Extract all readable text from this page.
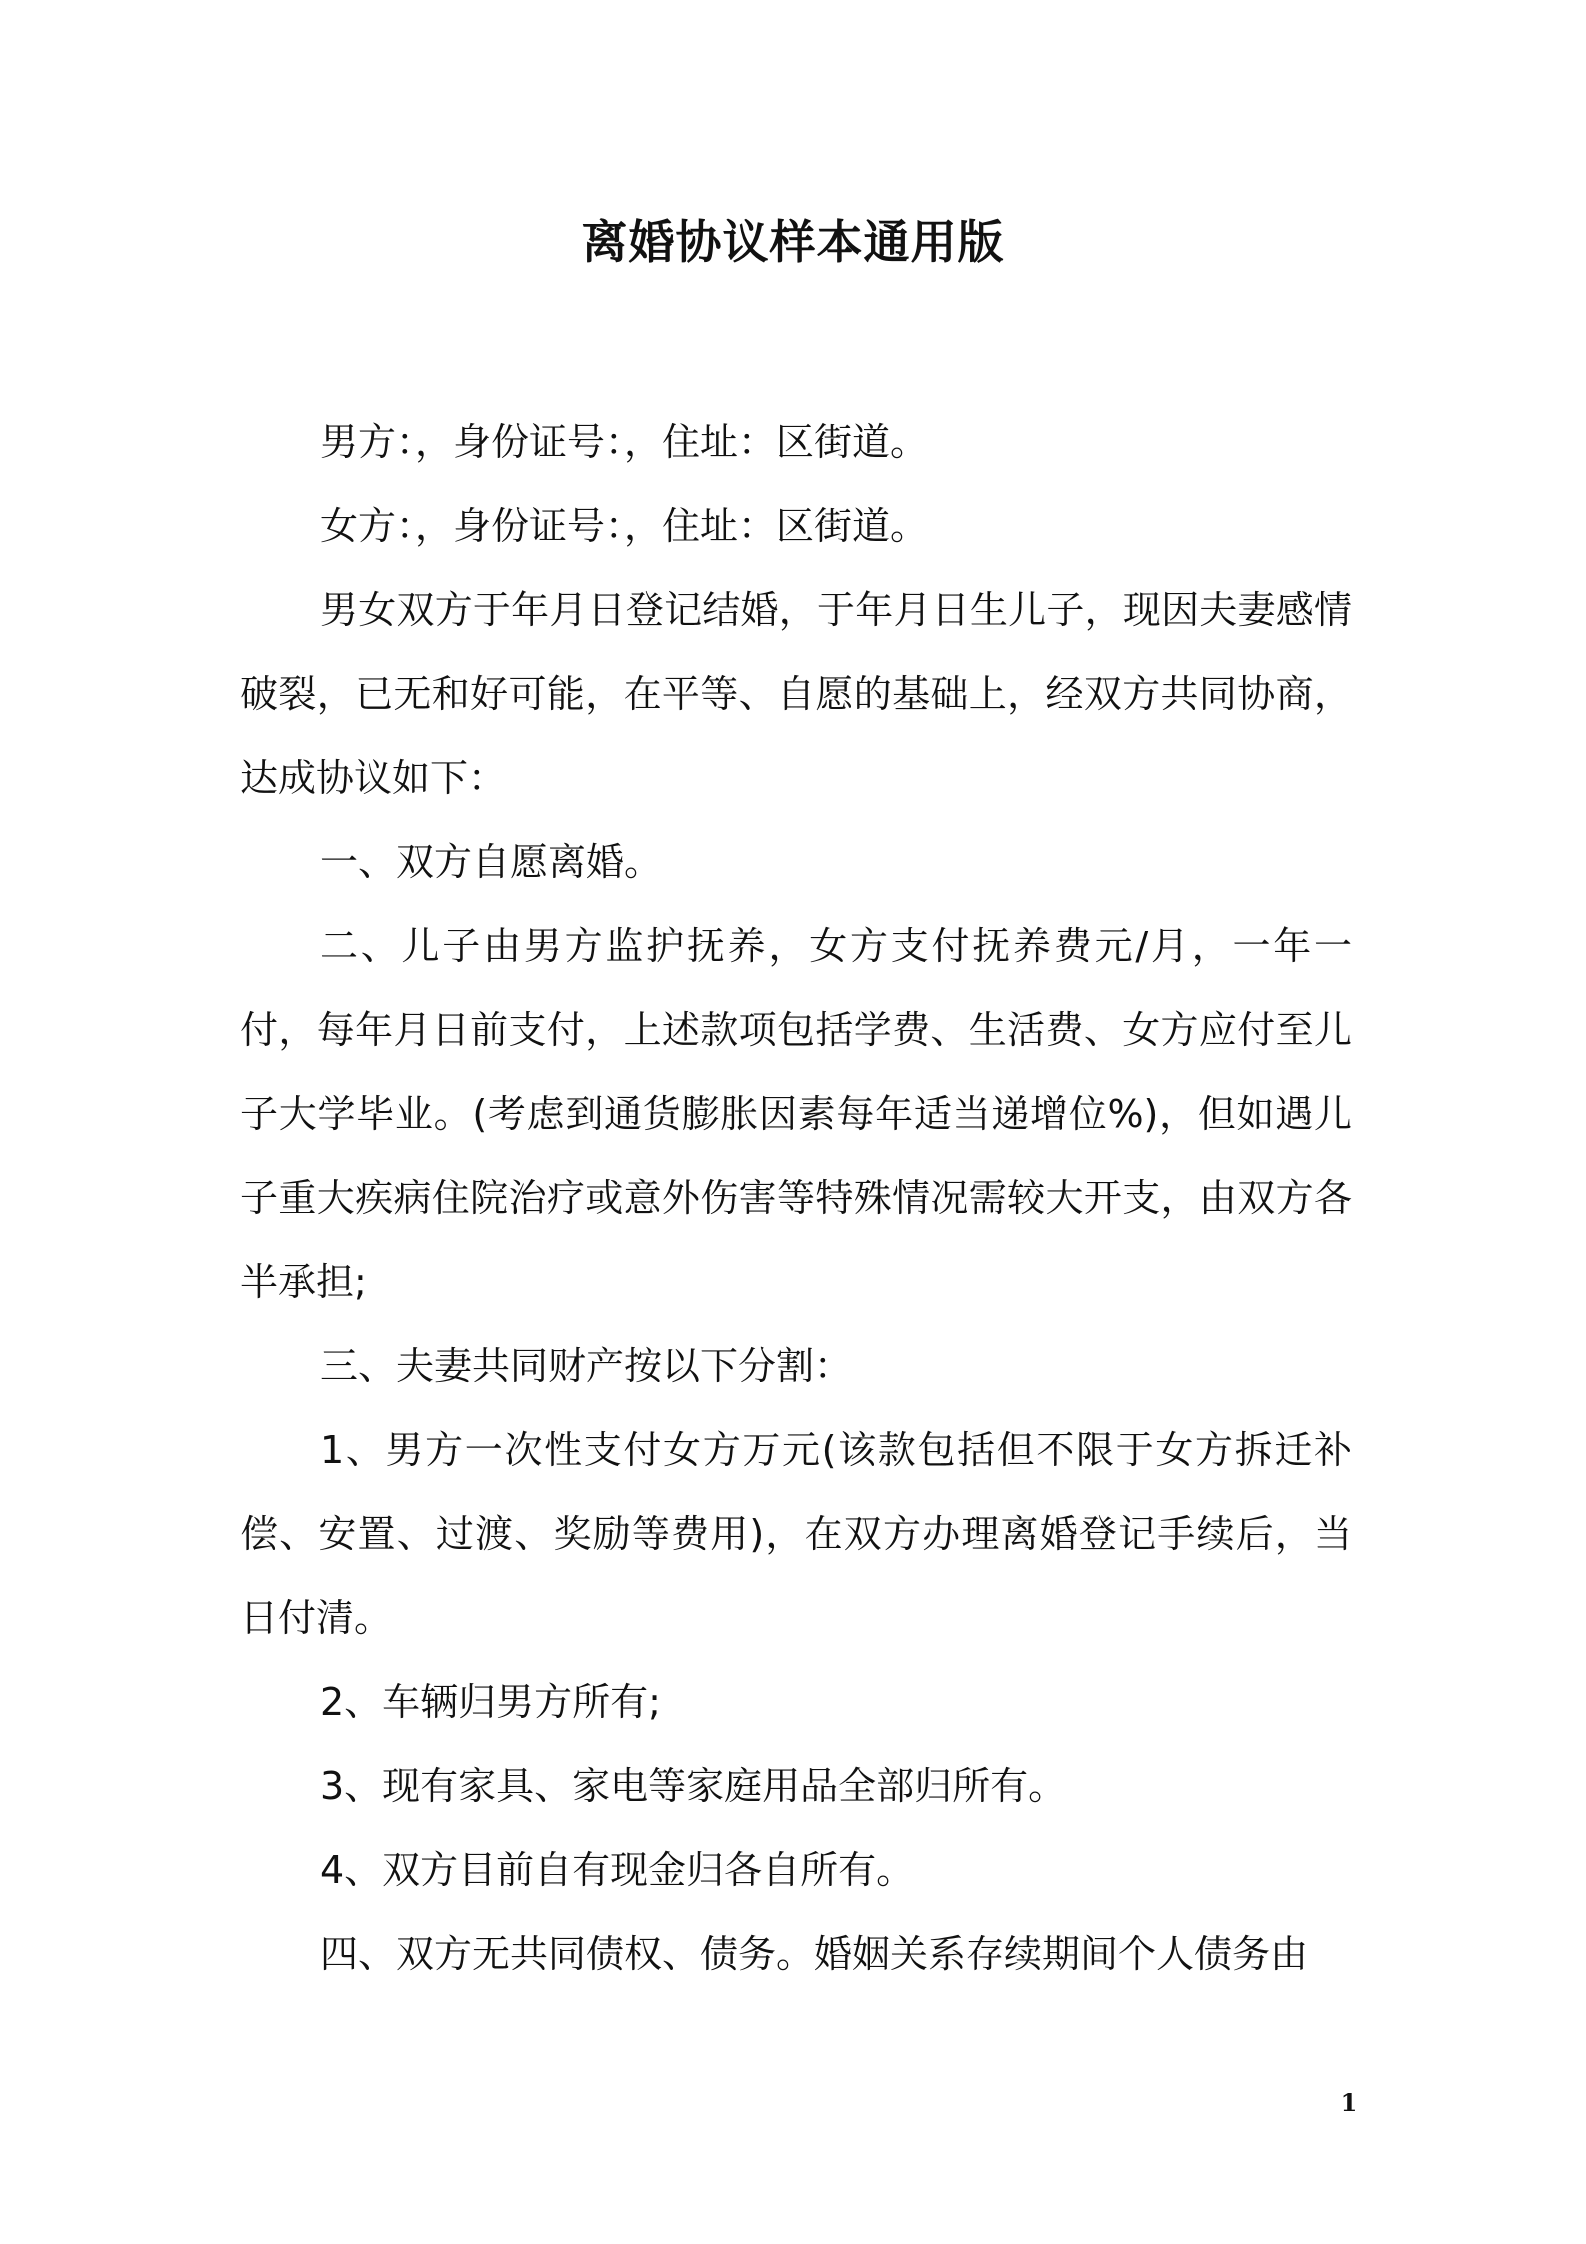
离婚协议样本通用版

男方：，身份证号：，住址：区街道。

女方：，身份证号：，住址：区街道。

男女双方于年月日登记结婚，于年月日生儿子，现因夫妻感情破裂，已无和好可能，在平等、自愿的基础上，经双方共同协商，达成协议如下：

一、双方自愿离婚。

二、儿子由男方监护抚养，女方支付抚养费元/月，一年一付，每年月日前支付，上述款项包括学费、生活费、女方应付至儿子大学毕业。(考虑到通货膨胀因素每年适当递增位%)，但如遇儿子重大疾病住院治疗或意外伤害等特殊情况需较大开支，由双方各半承担;

三、夫妻共同财产按以下分割：

1、男方一次性支付女方万元(该款包括但不限于女方拆迁补偿、安置、过渡、奖励等费用)，在双方办理离婚登记手续后，当日付清。

2、车辆归男方所有;

3、现有家具、家电等家庭用品全部归所有。

4、双方目前自有现金归各自所有。

四、双方无共同债权、债务。婚姻关系存续期间个人债务由

1
